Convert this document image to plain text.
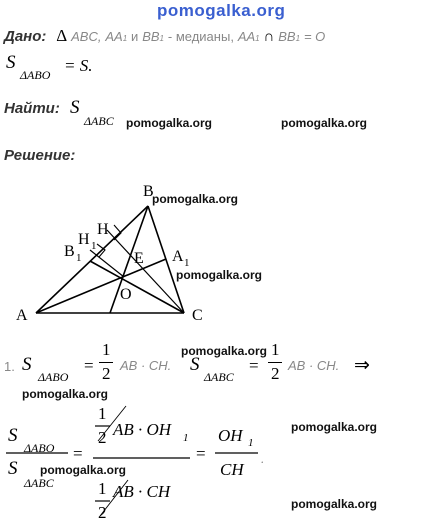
pomogalka.org
pomogalka.org	pomogalka.org
pomogalka.org
pomogalka.org
pomogalka.org
pomogalka.org
pomogalka.org
pomogalka.org
pomogalka.org
Дано: Δ ABC, AA1 и BB1 - медианы, AA1 ∩ BB1 = O
S
ΔABO = S.
Найти: S
ΔABC
Решение:
B
A	C
B 1
H 1
H
E A 1
O
1. S
ΔABO
=
1
2 AB · CH. S
ΔABC
=
1
2 AB · CH. ⇒
S
ΔABO
S
ΔABC
=
1
2 AB · OH 1
1
2
AB · CH
=
OH 1
CH
.
